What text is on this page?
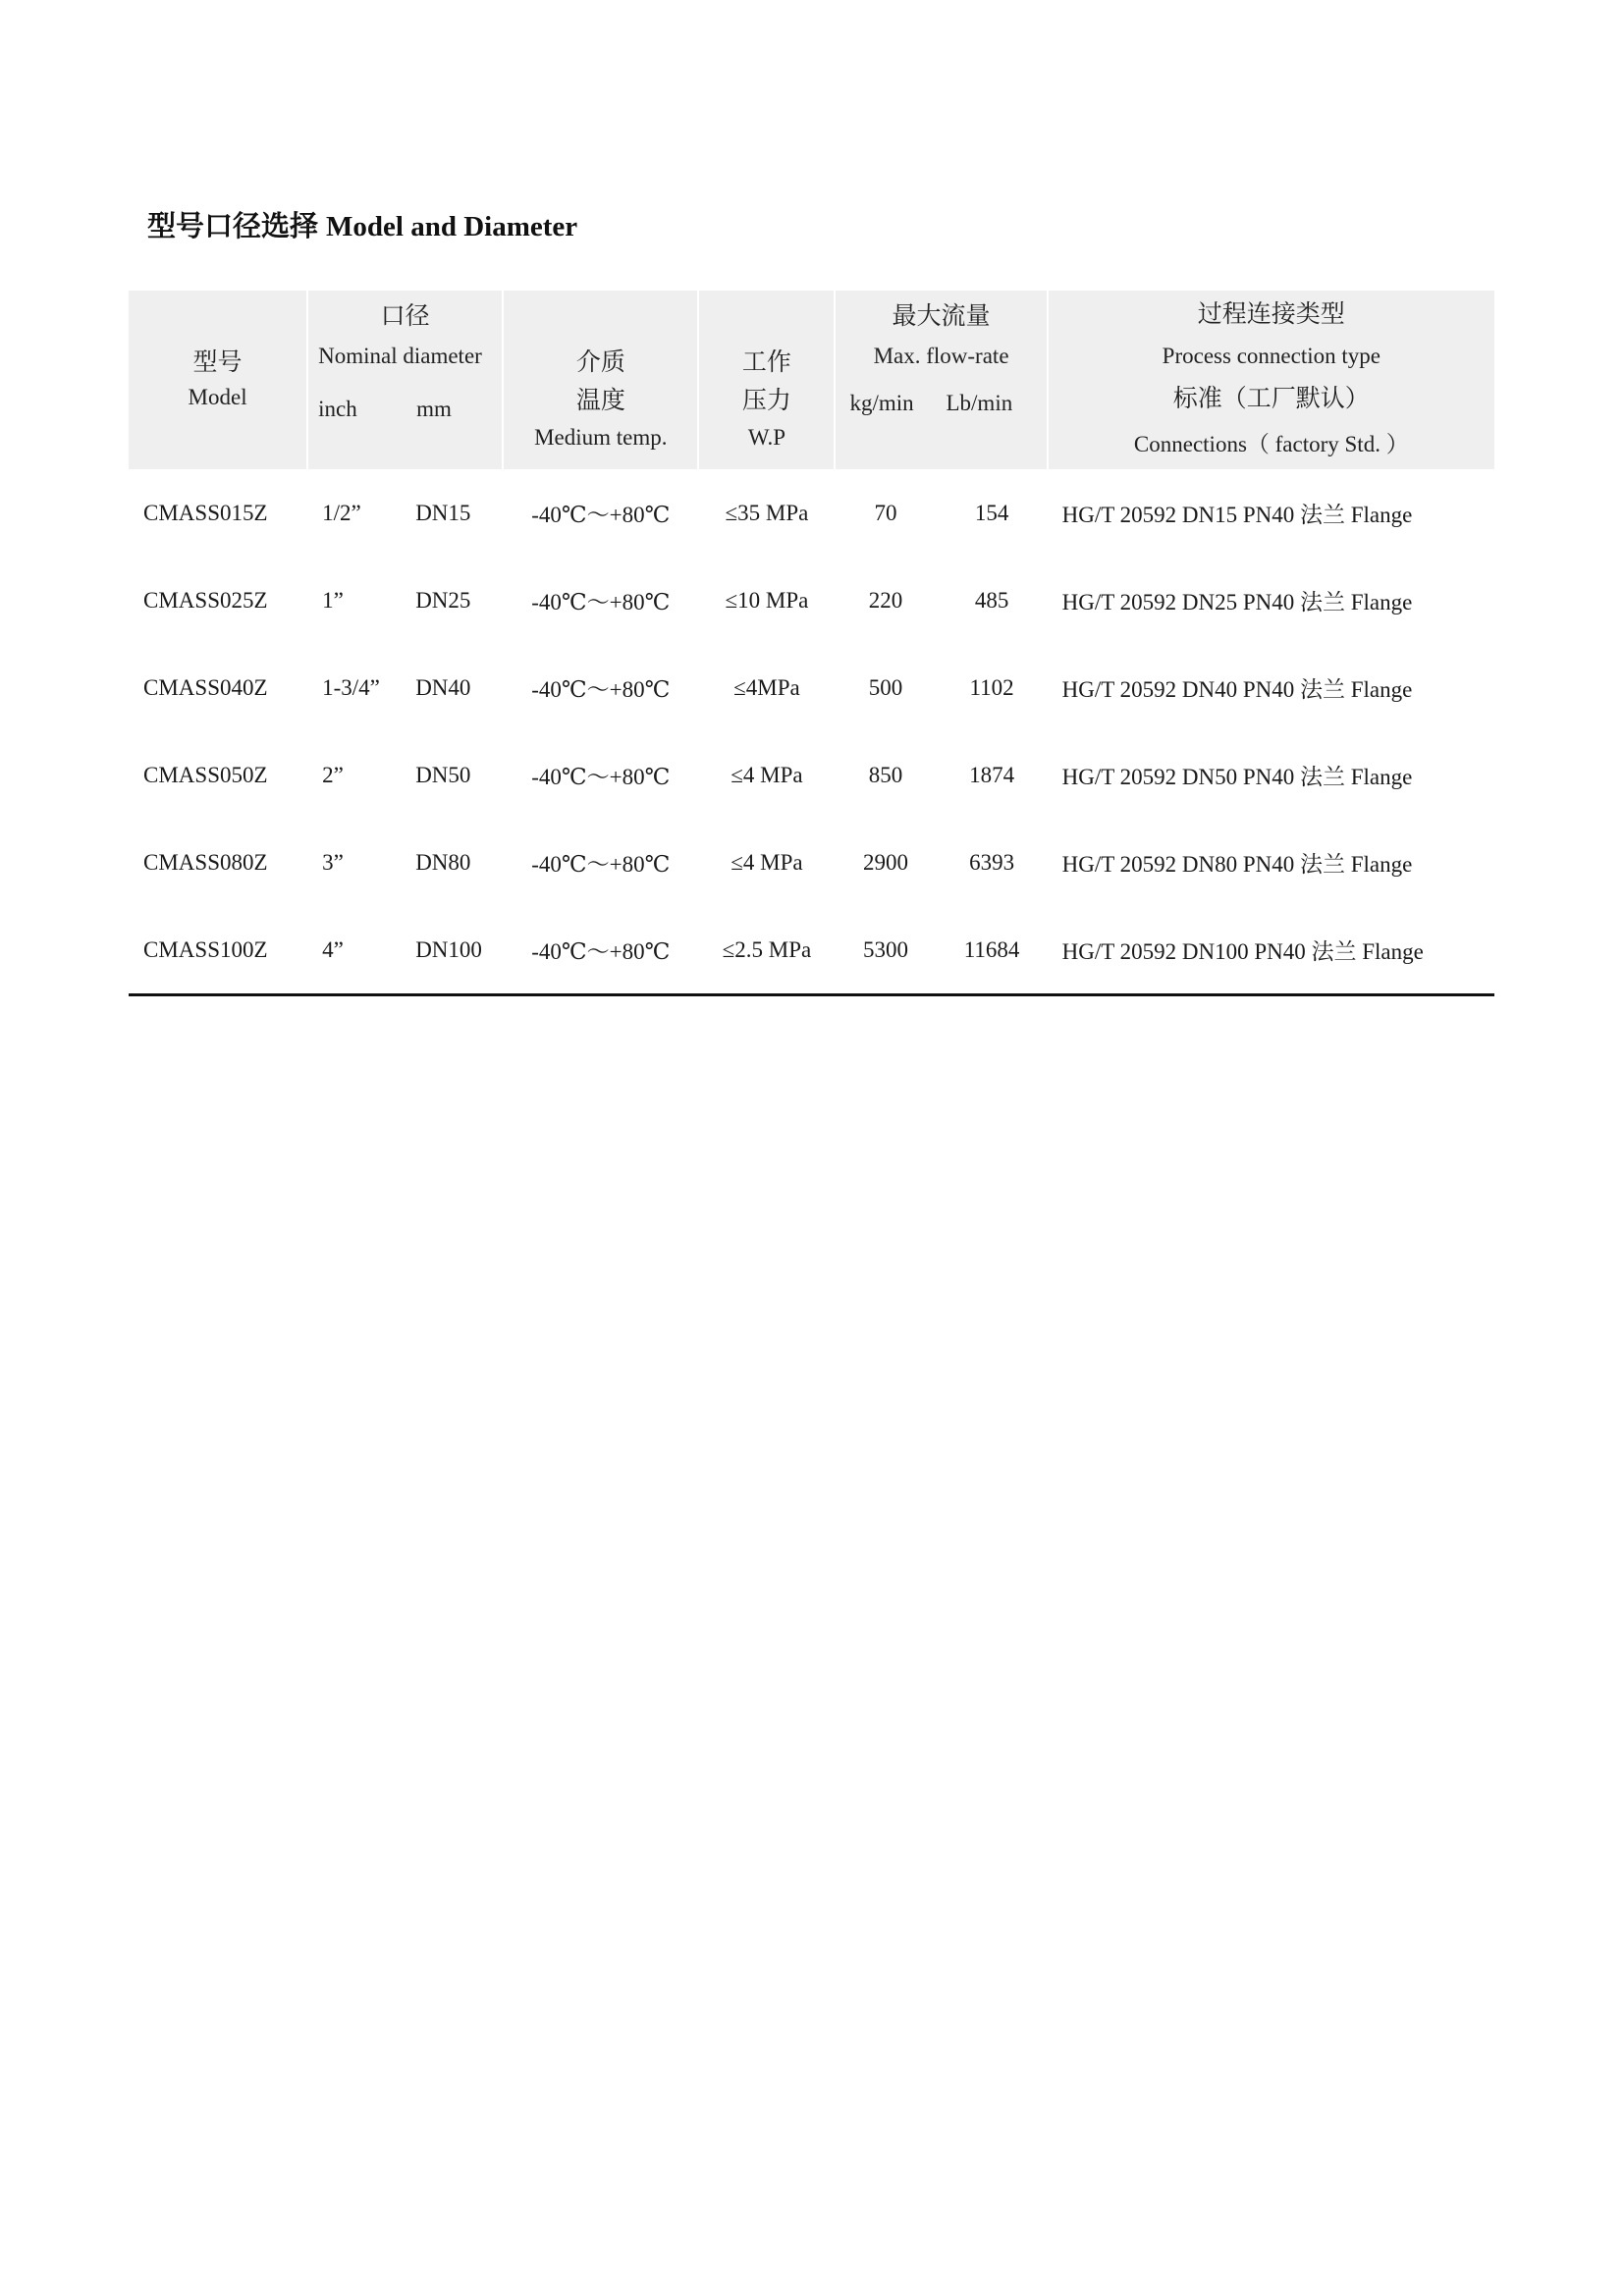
型号口径选择 Model and Diameter
型号
Model	口径
Nominal diameter
inch mm		介质
温度
Medium temp.	工作
压力
W.P	最大流量
Max. flow-rate
kg/min Lb/min		过程连接类型
Process connection type
标准（工厂默认）
Connections（ factory Std. ）

CMASS015Z	1/2”	DN15	-40℃～+80℃	≤35 MPa	70	154	HG/T 20592 DN15 PN40 法兰 Flange
CMASS025Z	1”	DN25	-40℃～+80℃	≤10 MPa	220	485	HG/T 20592 DN25 PN40 法兰 Flange
CMASS040Z	1-3/4”	DN40	-40℃～+80℃	≤4MPa	500	1102	HG/T 20592 DN40 PN40 法兰 Flange
CMASS050Z	2”	DN50	-40℃～+80℃	≤4 MPa	850	1874	HG/T 20592 DN50 PN40 法兰 Flange
CMASS080Z	3”	DN80	-40℃～+80℃	≤4 MPa	2900	6393	HG/T 20592 DN80 PN40 法兰 Flange
CMASS100Z	4”	DN100	-40℃～+80℃	≤2.5 MPa	5300	11684	HG/T 20592 DN100 PN40 法兰 Flange
